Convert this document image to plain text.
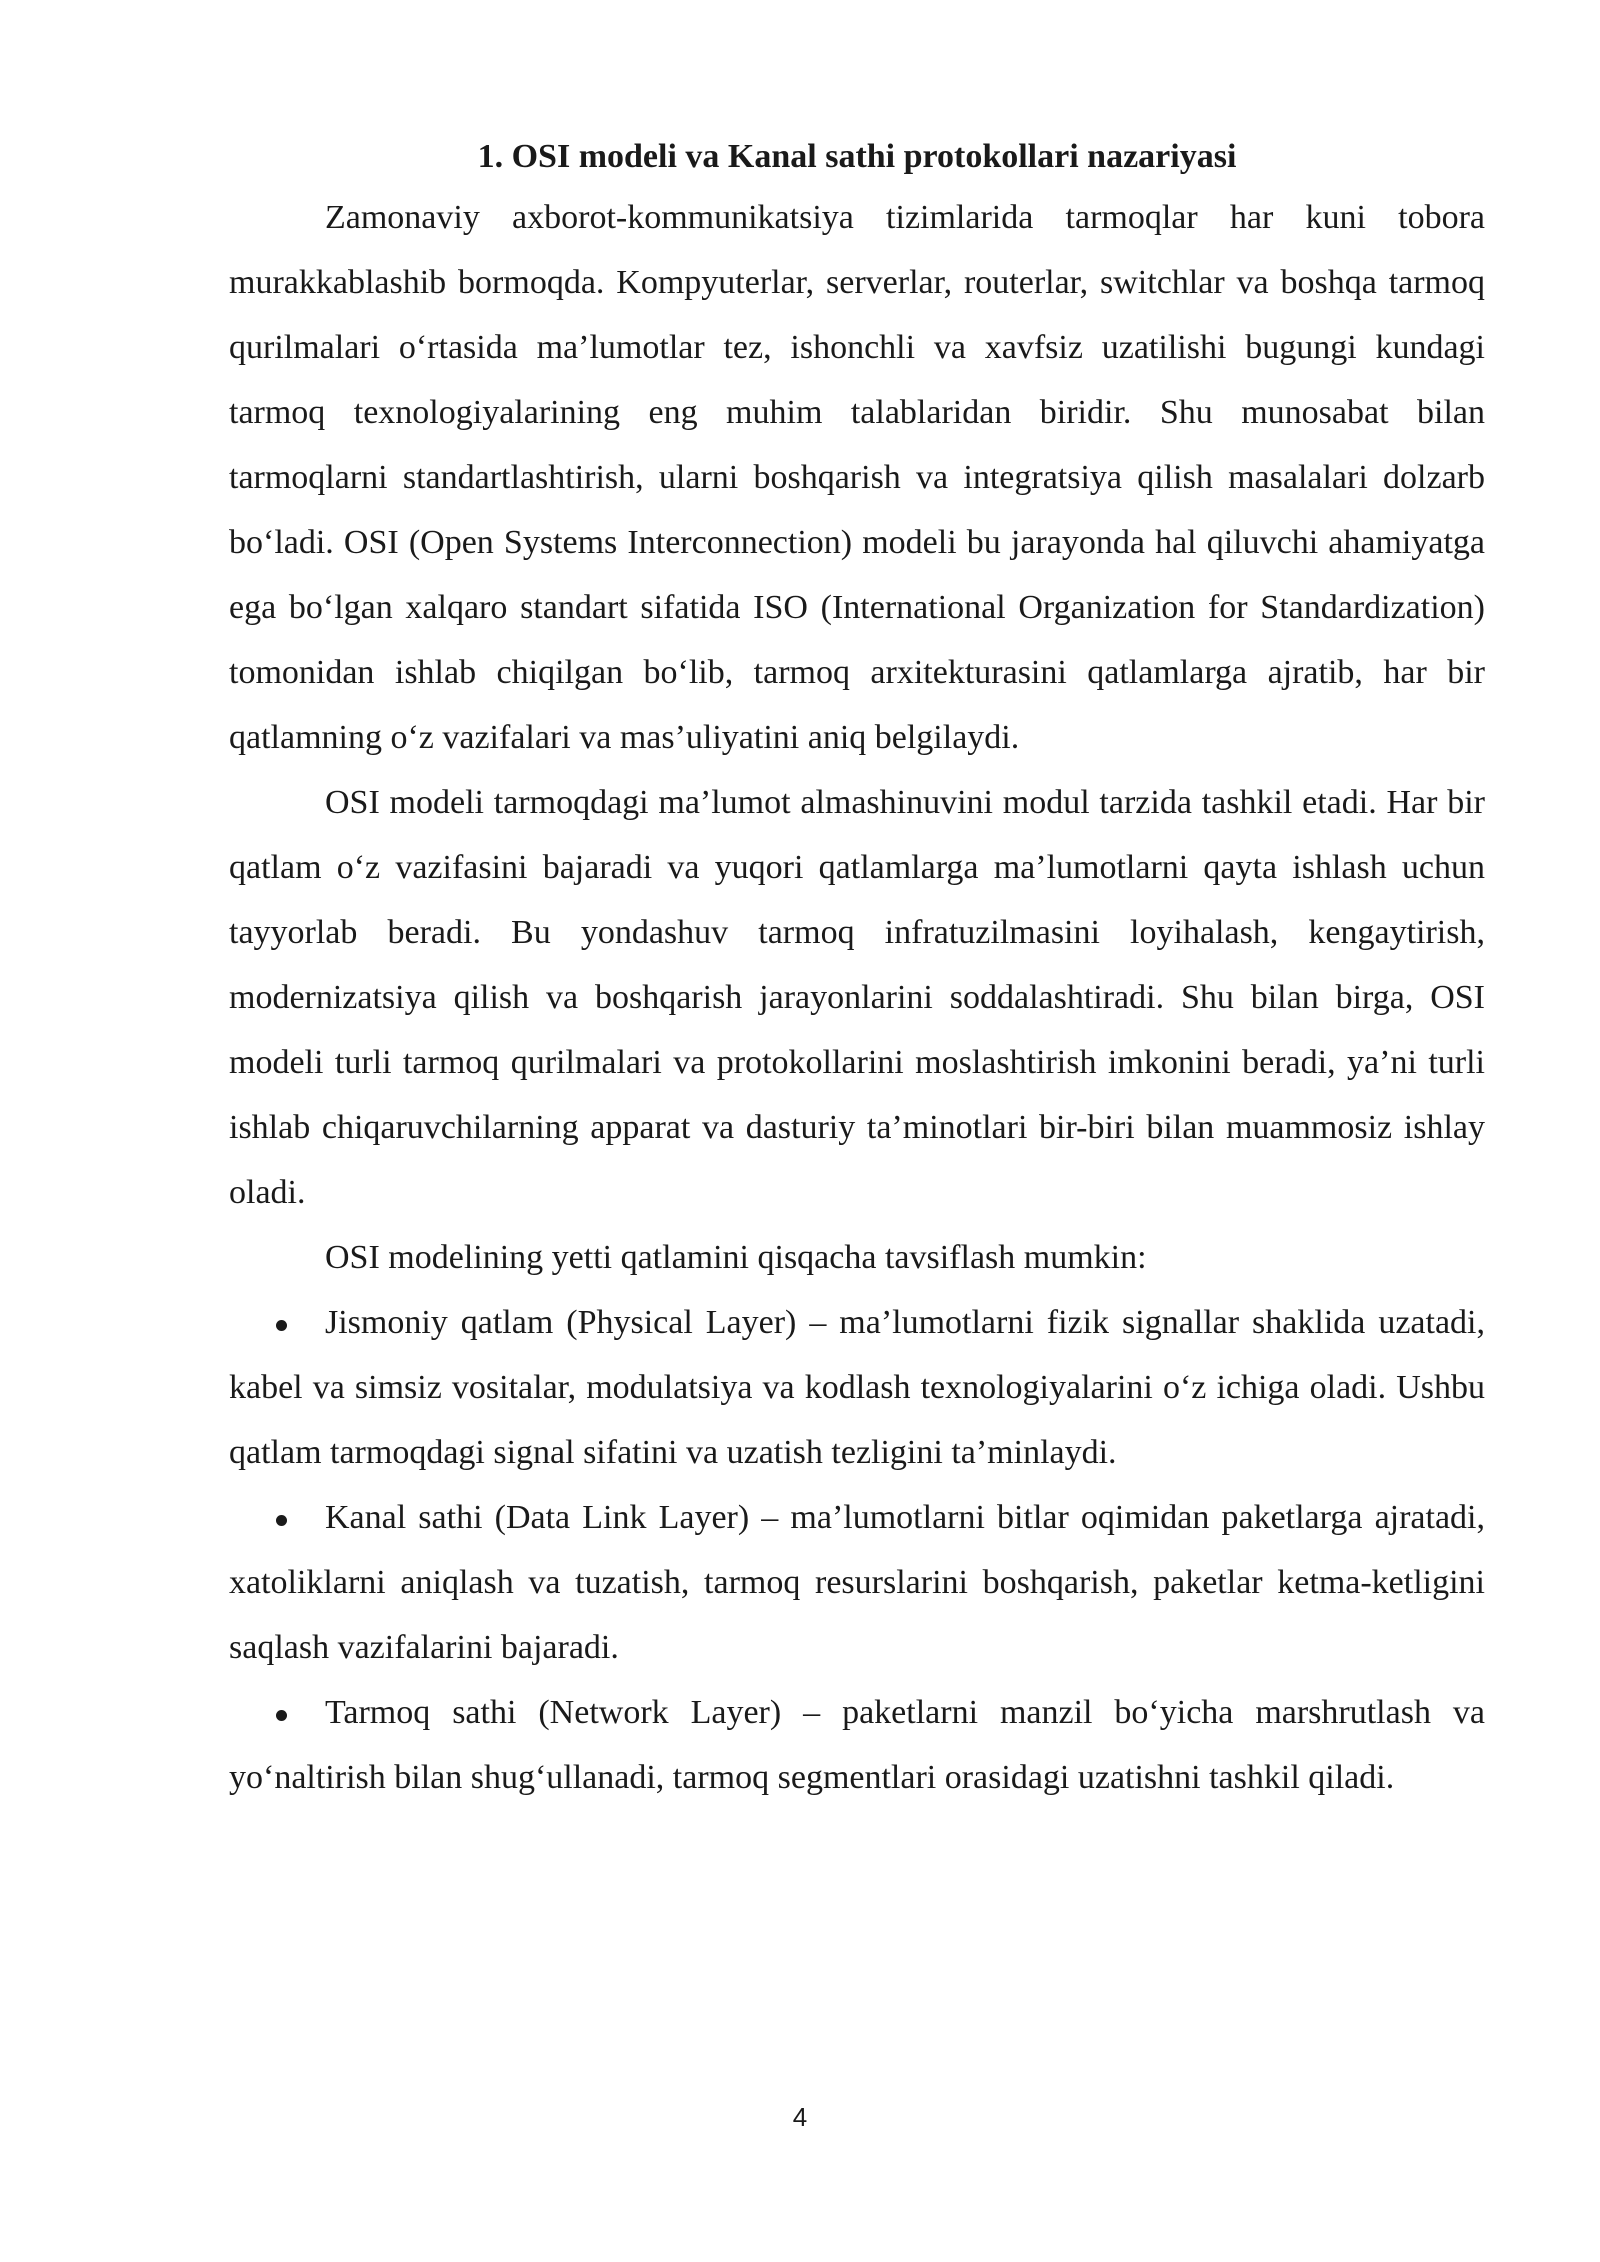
1. OSI modeli va Kanal sathi protokollari nazariyasi

Zamonaviy axborot-kommunikatsiya tizimlarida tarmoqlar har kuni tobora murakkablashib bormoqda. Kompyuterlar, serverlar, routerlar, switchlar va boshqa tarmoq qurilmalari o‘rtasida ma’lumotlar tez, ishonchli va xavfsiz uzatilishi bugungi kundagi tarmoq texnologiyalarining eng muhim talablaridan biridir. Shu munosabat bilan tarmoqlarni standartlashtirish, ularni boshqarish va integratsiya qilish masalalari dolzarb bo‘ladi. OSI (Open Systems Interconnection) modeli bu jarayonda hal qiluvchi ahamiyatga ega bo‘lgan xalqaro standart sifatida ISO (International Organization for Standardization) tomonidan ishlab chiqilgan bo‘lib, tarmoq arxitekturasini qatlamlarga ajratib, har bir qatlamning o‘z vazifalari va mas’uliyatini aniq belgilaydi.

OSI modeli tarmoqdagi ma’lumot almashinuvini modul tarzida tashkil etadi. Har bir qatlam o‘z vazifasini bajaradi va yuqori qatlamlarga ma’lumotlarni qayta ishlash uchun tayyorlab beradi. Bu yondashuv tarmoq infratuzilmasini loyihalash, kengaytirish, modernizatsiya qilish va boshqarish jarayonlarini soddalashtiradi. Shu bilan birga, OSI modeli turli tarmoq qurilmalari va protokollarini moslashtirish imkonini beradi, ya’ni turli ishlab chiqaruvchilarning apparat va dasturiy ta’minotlari bir-biri bilan muammosiz ishlay oladi.

OSI modelining yetti qatlamini qisqacha tavsiflash mumkin:

Jismoniy qatlam (Physical Layer) – ma’lumotlarni fizik signallar shaklida uzatadi, kabel va simsiz vositalar, modulatsiya va kodlash texnologiyalarini o‘z ichiga oladi. Ushbu qatlam tarmoqdagi signal sifatini va uzatish tezligini ta’minlaydi.
Kanal sathi (Data Link Layer) – ma’lumotlarni bitlar oqimidan paketlarga ajratadi, xatoliklarni aniqlash va tuzatish, tarmoq resurslarini boshqarish, paketlar ketma-ketligini saqlash vazifalarini bajaradi.
Tarmoq sathi (Network Layer) – paketlarni manzil bo‘yicha marshrutlash va yo‘naltirish bilan shug‘ullanadi, tarmoq segmentlari orasidagi uzatishni tashkil qiladi.
4
